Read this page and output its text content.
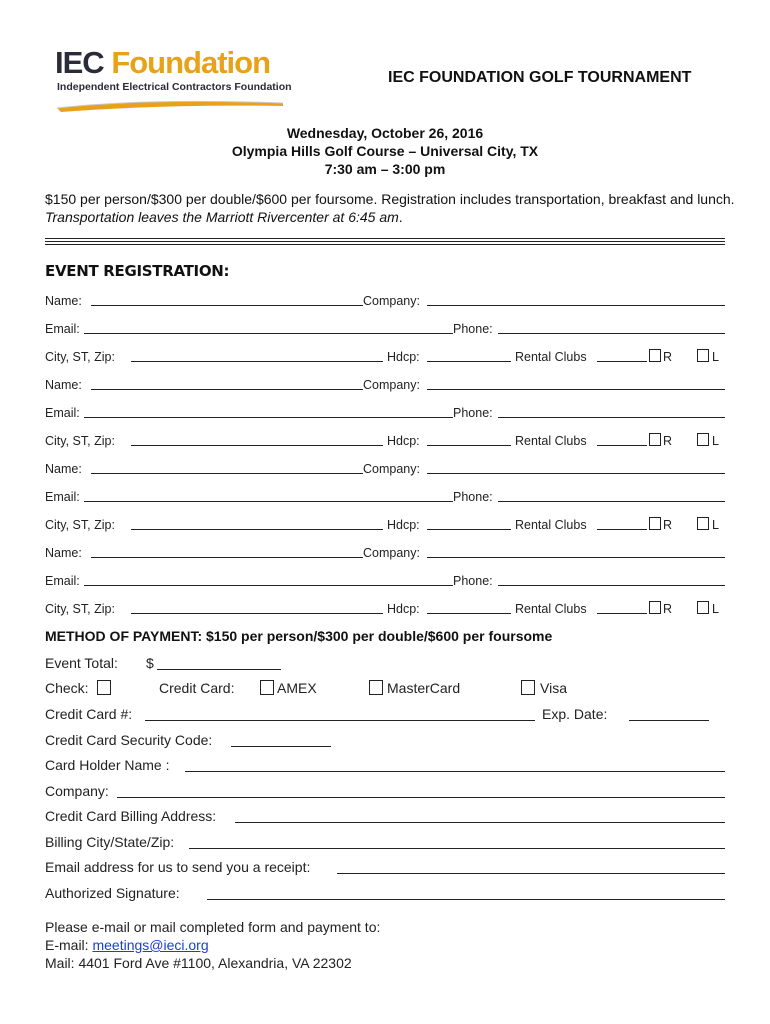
IEC Foundation
Independent Electrical Contractors Foundation
IEC FOUNDATION GOLF TOURNAMENT
Wednesday, October 26, 2016
Olympia Hills Golf Course – Universal City, TX
7:30 am – 3:00 pm
$150 per person/$300 per double/$600 per foursome. Registration includes transportation, breakfast and lunch. Transportation leaves the Marriott Rivercenter at 6:45 am.
EVENT REGISTRATION:
Name:	Company:
Email:	Phone:
City, ST, Zip:	Hdcp:	Rental Clubs	R	L
Name:	Company:
Email:	Phone:
City, ST, Zip:	Hdcp:	Rental Clubs	R	L
Name:	Company:
Email:	Phone:
City, ST, Zip:	Hdcp:	Rental Clubs	R	L
Name:	Company:
Email:	Phone:
City, ST, Zip:	Hdcp:	Rental Clubs	R	L
METHOD OF PAYMENT: $150 per person/$300 per double/$600 per foursome
Event Total: $
Check:	Credit Card:	AMEX	MasterCard	Visa
Credit Card #:	Exp. Date:
Credit Card Security Code:
Card Holder Name :
Company:
Credit Card Billing Address:
Billing City/State/Zip:
Email address for us to send you a receipt:
Authorized Signature:
Please e-mail or mail completed form and payment to:
E-mail: meetings@ieci.org
Mail: 4401 Ford Ave #1100, Alexandria, VA 22302
